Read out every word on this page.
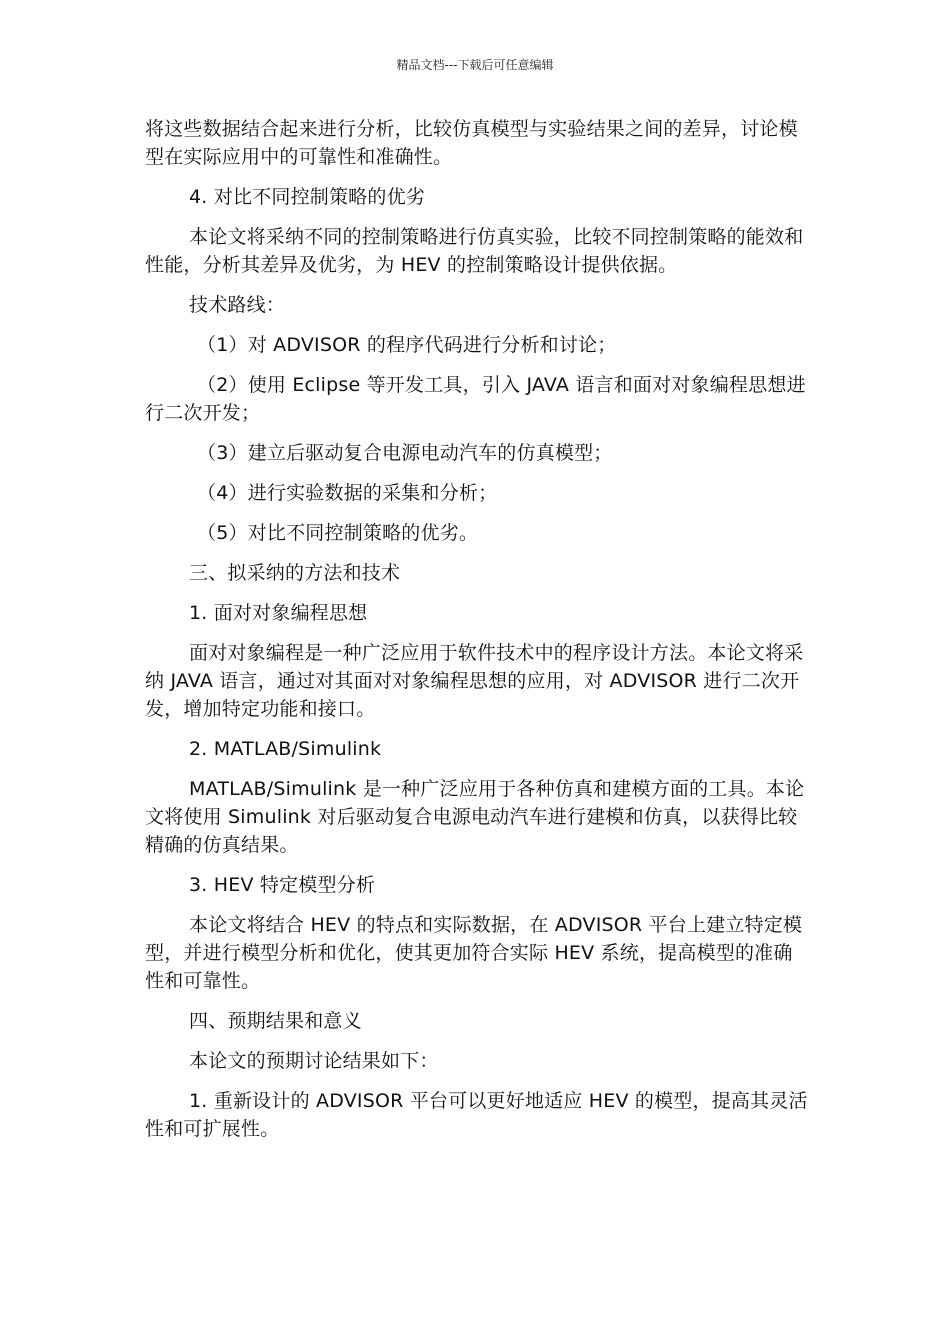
精品文档---下载后可任意编辑

将这些数据结合起来进行分析，比较仿真模型与实验结果之间的差异，讨论模型在实际应用中的可靠性和准确性。

4. 对比不同控制策略的优劣

本论文将采纳不同的控制策略进行仿真实验，比较不同控制策略的能效和性能，分析其差异及优劣，为 HEV 的控制策略设计提供依据。

技术路线：

（1）对 ADVISOR 的程序代码进行分析和讨论；

（2）使用 Eclipse 等开发工具，引入 JAVA 语言和面对对象编程思想进行二次开发；

（3）建立后驱动复合电源电动汽车的仿真模型；

（4）进行实验数据的采集和分析；

（5）对比不同控制策略的优劣。

三、拟采纳的方法和技术

1. 面对对象编程思想

面对对象编程是一种广泛应用于软件技术中的程序设计方法。本论文将采纳 JAVA 语言，通过对其面对对象编程思想的应用，对 ADVISOR 进行二次开发，增加特定功能和接口。

2. MATLAB/Simulink

MATLAB/Simulink 是一种广泛应用于各种仿真和建模方面的工具。本论文将使用 Simulink 对后驱动复合电源电动汽车进行建模和仿真，以获得比较精确的仿真结果。

3. HEV 特定模型分析

本论文将结合 HEV 的特点和实际数据，在 ADVISOR 平台上建立特定模型，并进行模型分析和优化，使其更加符合实际 HEV 系统，提高模型的准确性和可靠性。

四、预期结果和意义

本论文的预期讨论结果如下：

1. 重新设计的 ADVISOR 平台可以更好地适应 HEV 的模型，提高其灵活性和可扩展性。
